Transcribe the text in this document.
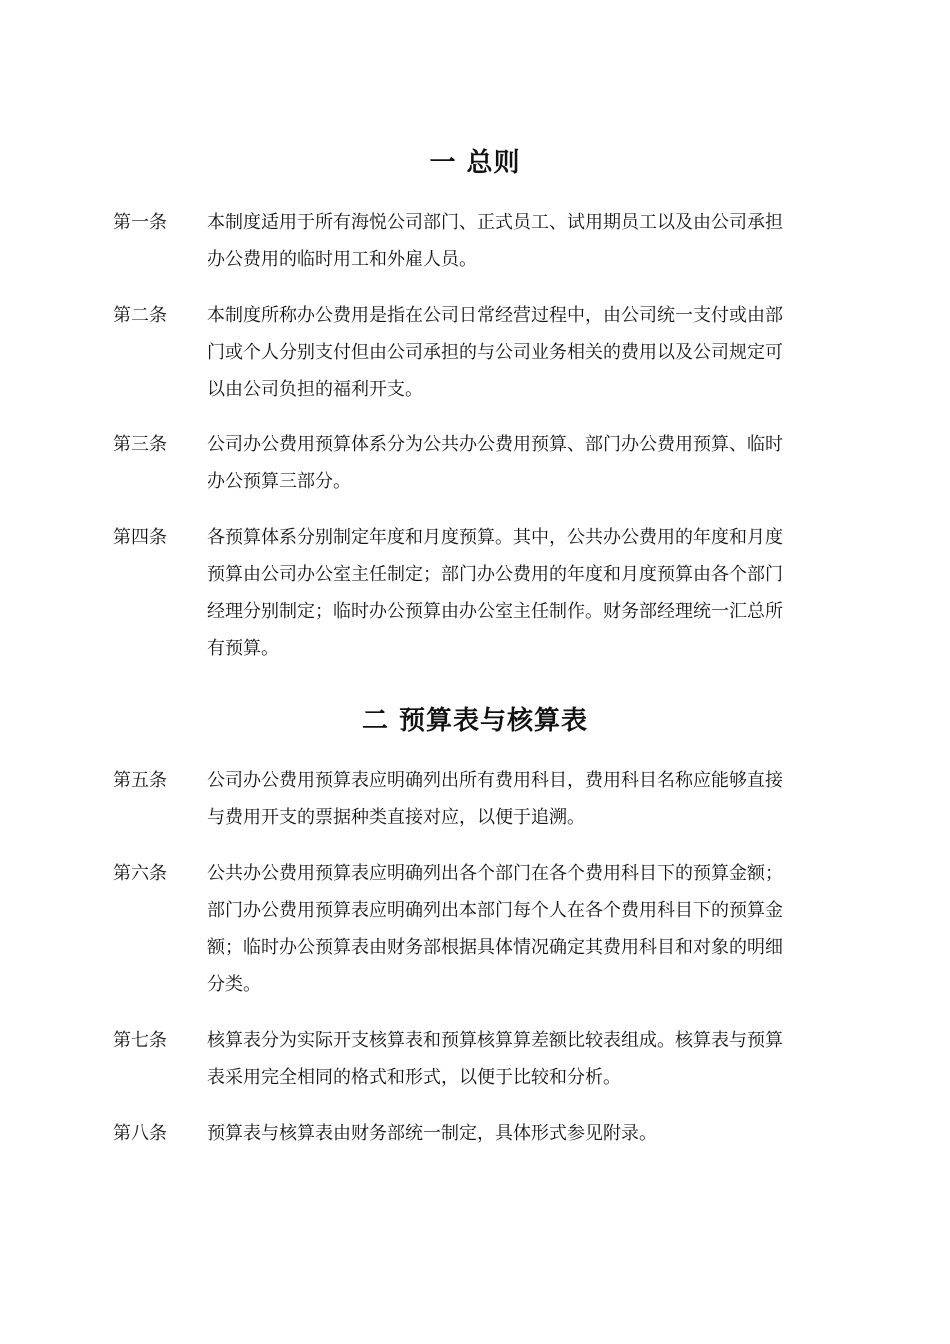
一 总则
第一条 本制度适用于所有海悦公司部门、正式员工、试用期员工以及由公司承担
办公费用的临时用工和外雇人员。
第二条 本制度所称办公费用是指在公司日常经营过程中，由公司统一支付或由部
门或个人分别支付但由公司承担的与公司业务相关的费用以及公司规定可
以由公司负担的福利开支。
第三条 公司办公费用预算体系分为公共办公费用预算、部门办公费用预算、临时
办公预算三部分。
第四条 各预算体系分别制定年度和月度预算。其中，公共办公费用的年度和月度
预算由公司办公室主任制定；部门办公费用的年度和月度预算由各个部门
经理分别制定；临时办公预算由办公室主任制作。财务部经理统一汇总所
有预算。
二 预算表与核算表
第五条 公司办公费用预算表应明确列出所有费用科目，费用科目名称应能够直接
与费用开支的票据种类直接对应，以便于追溯。
第六条 公共办公费用预算表应明确列出各个部门在各个费用科目下的预算金额；
部门办公费用预算表应明确列出本部门每个人在各个费用科目下的预算金
额；临时办公预算表由财务部根据具体情况确定其费用科目和对象的明细
分类。
第七条 核算表分为实际开支核算表和预算核算算差额比较表组成。核算表与预算
表采用完全相同的格式和形式，以便于比较和分析。
第八条 预算表与核算表由财务部统一制定，具体形式参见附录。
